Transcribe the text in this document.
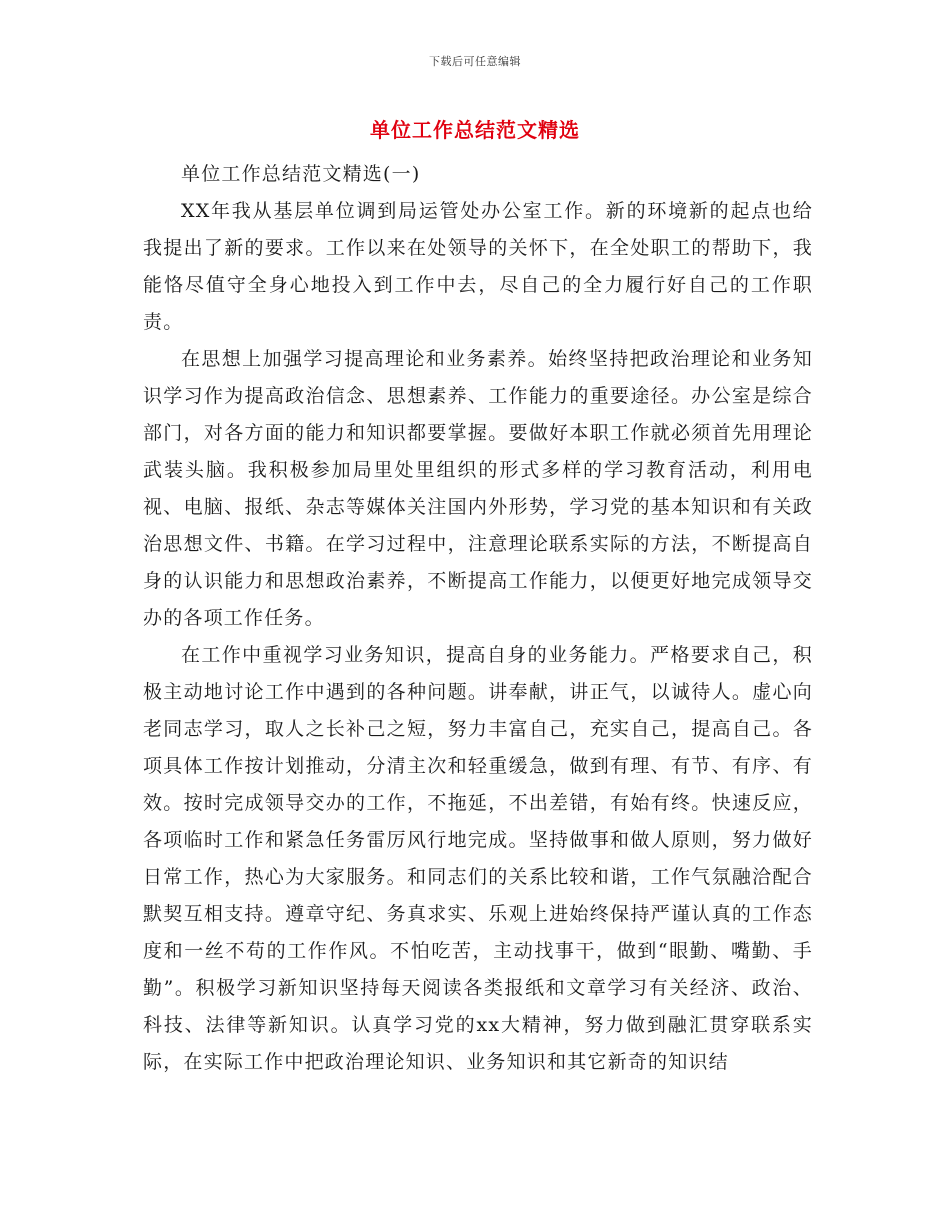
下载后可任意编辑
单位工作总结范文精选

单位工作总结范文精选(一)

XX年我从基层单位调到局运管处办公室工作。新的环境新的起点也给我提出了新的要求。工作以来在处领导的关怀下，在全处职工的帮助下，我能恪尽值守全身心地投入到工作中去，尽自己的全力履行好自己的工作职责。

在思想上加强学习提高理论和业务素养。始终坚持把政治理论和业务知识学习作为提高政治信念、思想素养、工作能力的重要途径。办公室是综合部门，对各方面的能力和知识都要掌握。要做好本职工作就必须首先用理论武装头脑。我积极参加局里处里组织的形式多样的学习教育活动，利用电视、电脑、报纸、杂志等媒体关注国内外形势，学习党的基本知识和有关政治思想文件、书籍。在学习过程中，注意理论联系实际的方法，不断提高自身的认识能力和思想政治素养，不断提高工作能力，以便更好地完成领导交办的各项工作任务。

在工作中重视学习业务知识，提高自身的业务能力。严格要求自己，积极主动地讨论工作中遇到的各种问题。讲奉献，讲正气，以诚待人。虚心向老同志学习，取人之长补己之短，努力丰富自己，充实自己，提高自己。各项具体工作按计划推动，分清主次和轻重缓急，做到有理、有节、有序、有效。按时完成领导交办的工作，不拖延，不出差错，有始有终。快速反应，各项临时工作和紧急任务雷厉风行地完成。坚持做事和做人原则，努力做好日常工作，热心为大家服务。和同志们的关系比较和谐，工作气氛融洽配合默契互相支持。遵章守纪、务真求实、乐观上进始终保持严谨认真的工作态度和一丝不苟的工作作风。不怕吃苦，主动找事干，做到“眼勤、嘴勤、手勤”。积极学习新知识坚持每天阅读各类报纸和文章学习有关经济、政治、科技、法律等新知识。认真学习党的xx大精神，努力做到融汇贯穿联系实际，在实际工作中把政治理论知识、业务知识和其它新奇的知识结
